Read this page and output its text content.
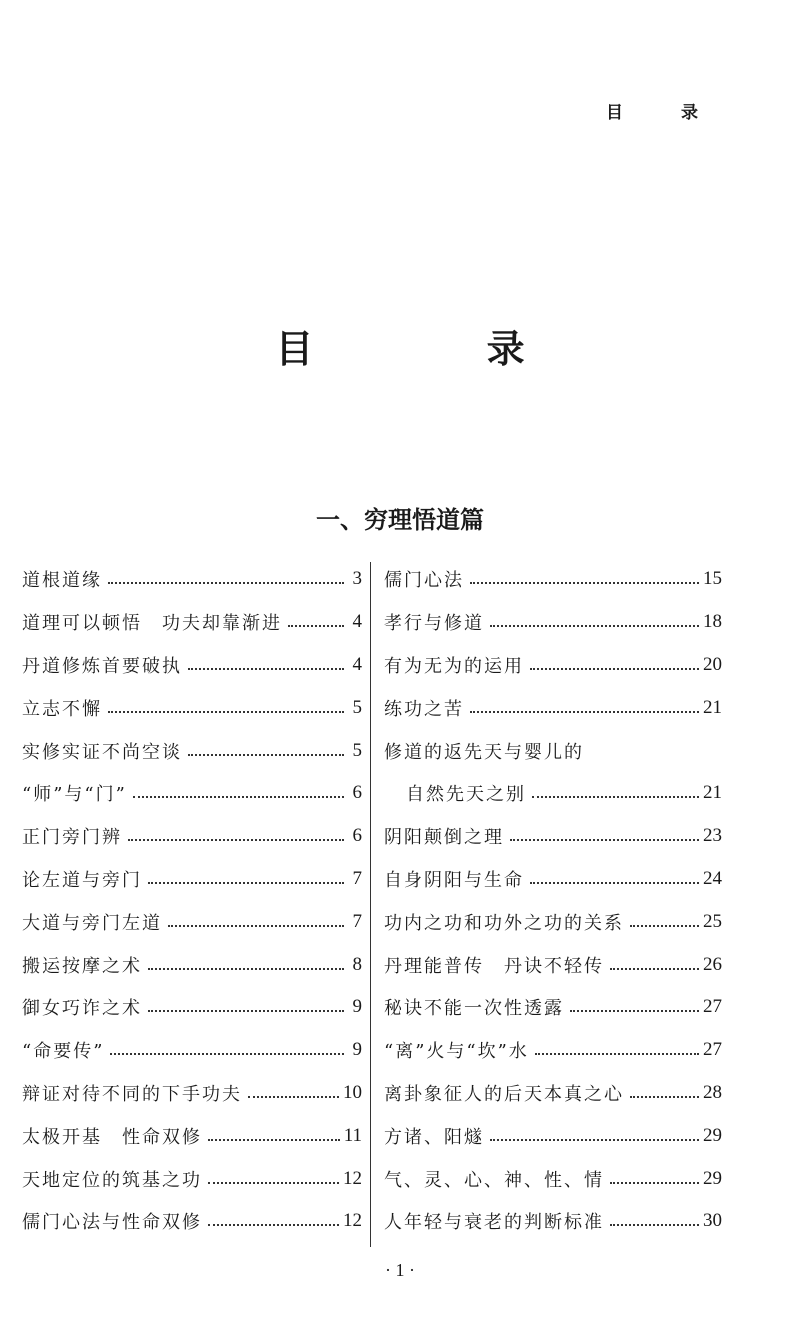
目 录
目 录
一、穷理悟道篇
道根道缘	3
道理可以顿悟　功夫却靠渐进	4
丹道修炼首要破执	4
立志不懈	5
实修实证不尚空谈	5
“师”与“门”	6
正门旁门辨	6
论左道与旁门	7
大道与旁门左道	7
搬运按摩之术	8
御女巧诈之术	9
“命要传”	9
辩证对待不同的下手功夫	10
太极开基　性命双修	11
天地定位的筑基之功	12
儒门心法与性命双修	12
儒门心法	15
孝行与修道	18
有为无为的运用	20
练功之苦	21
修道的返先天与婴儿的
自然先天之别	21
阴阳颠倒之理	23
自身阴阳与生命	24
功内之功和功外之功的关系	25
丹理能普传　丹诀不轻传	26
秘诀不能一次性透露	27
“离”火与“坎”水	27
离卦象征人的后天本真之心	28
方诸、阳燧	29
气、灵、心、神、性、情	29
人年轻与衰老的判断标准	30
· 1 ·
